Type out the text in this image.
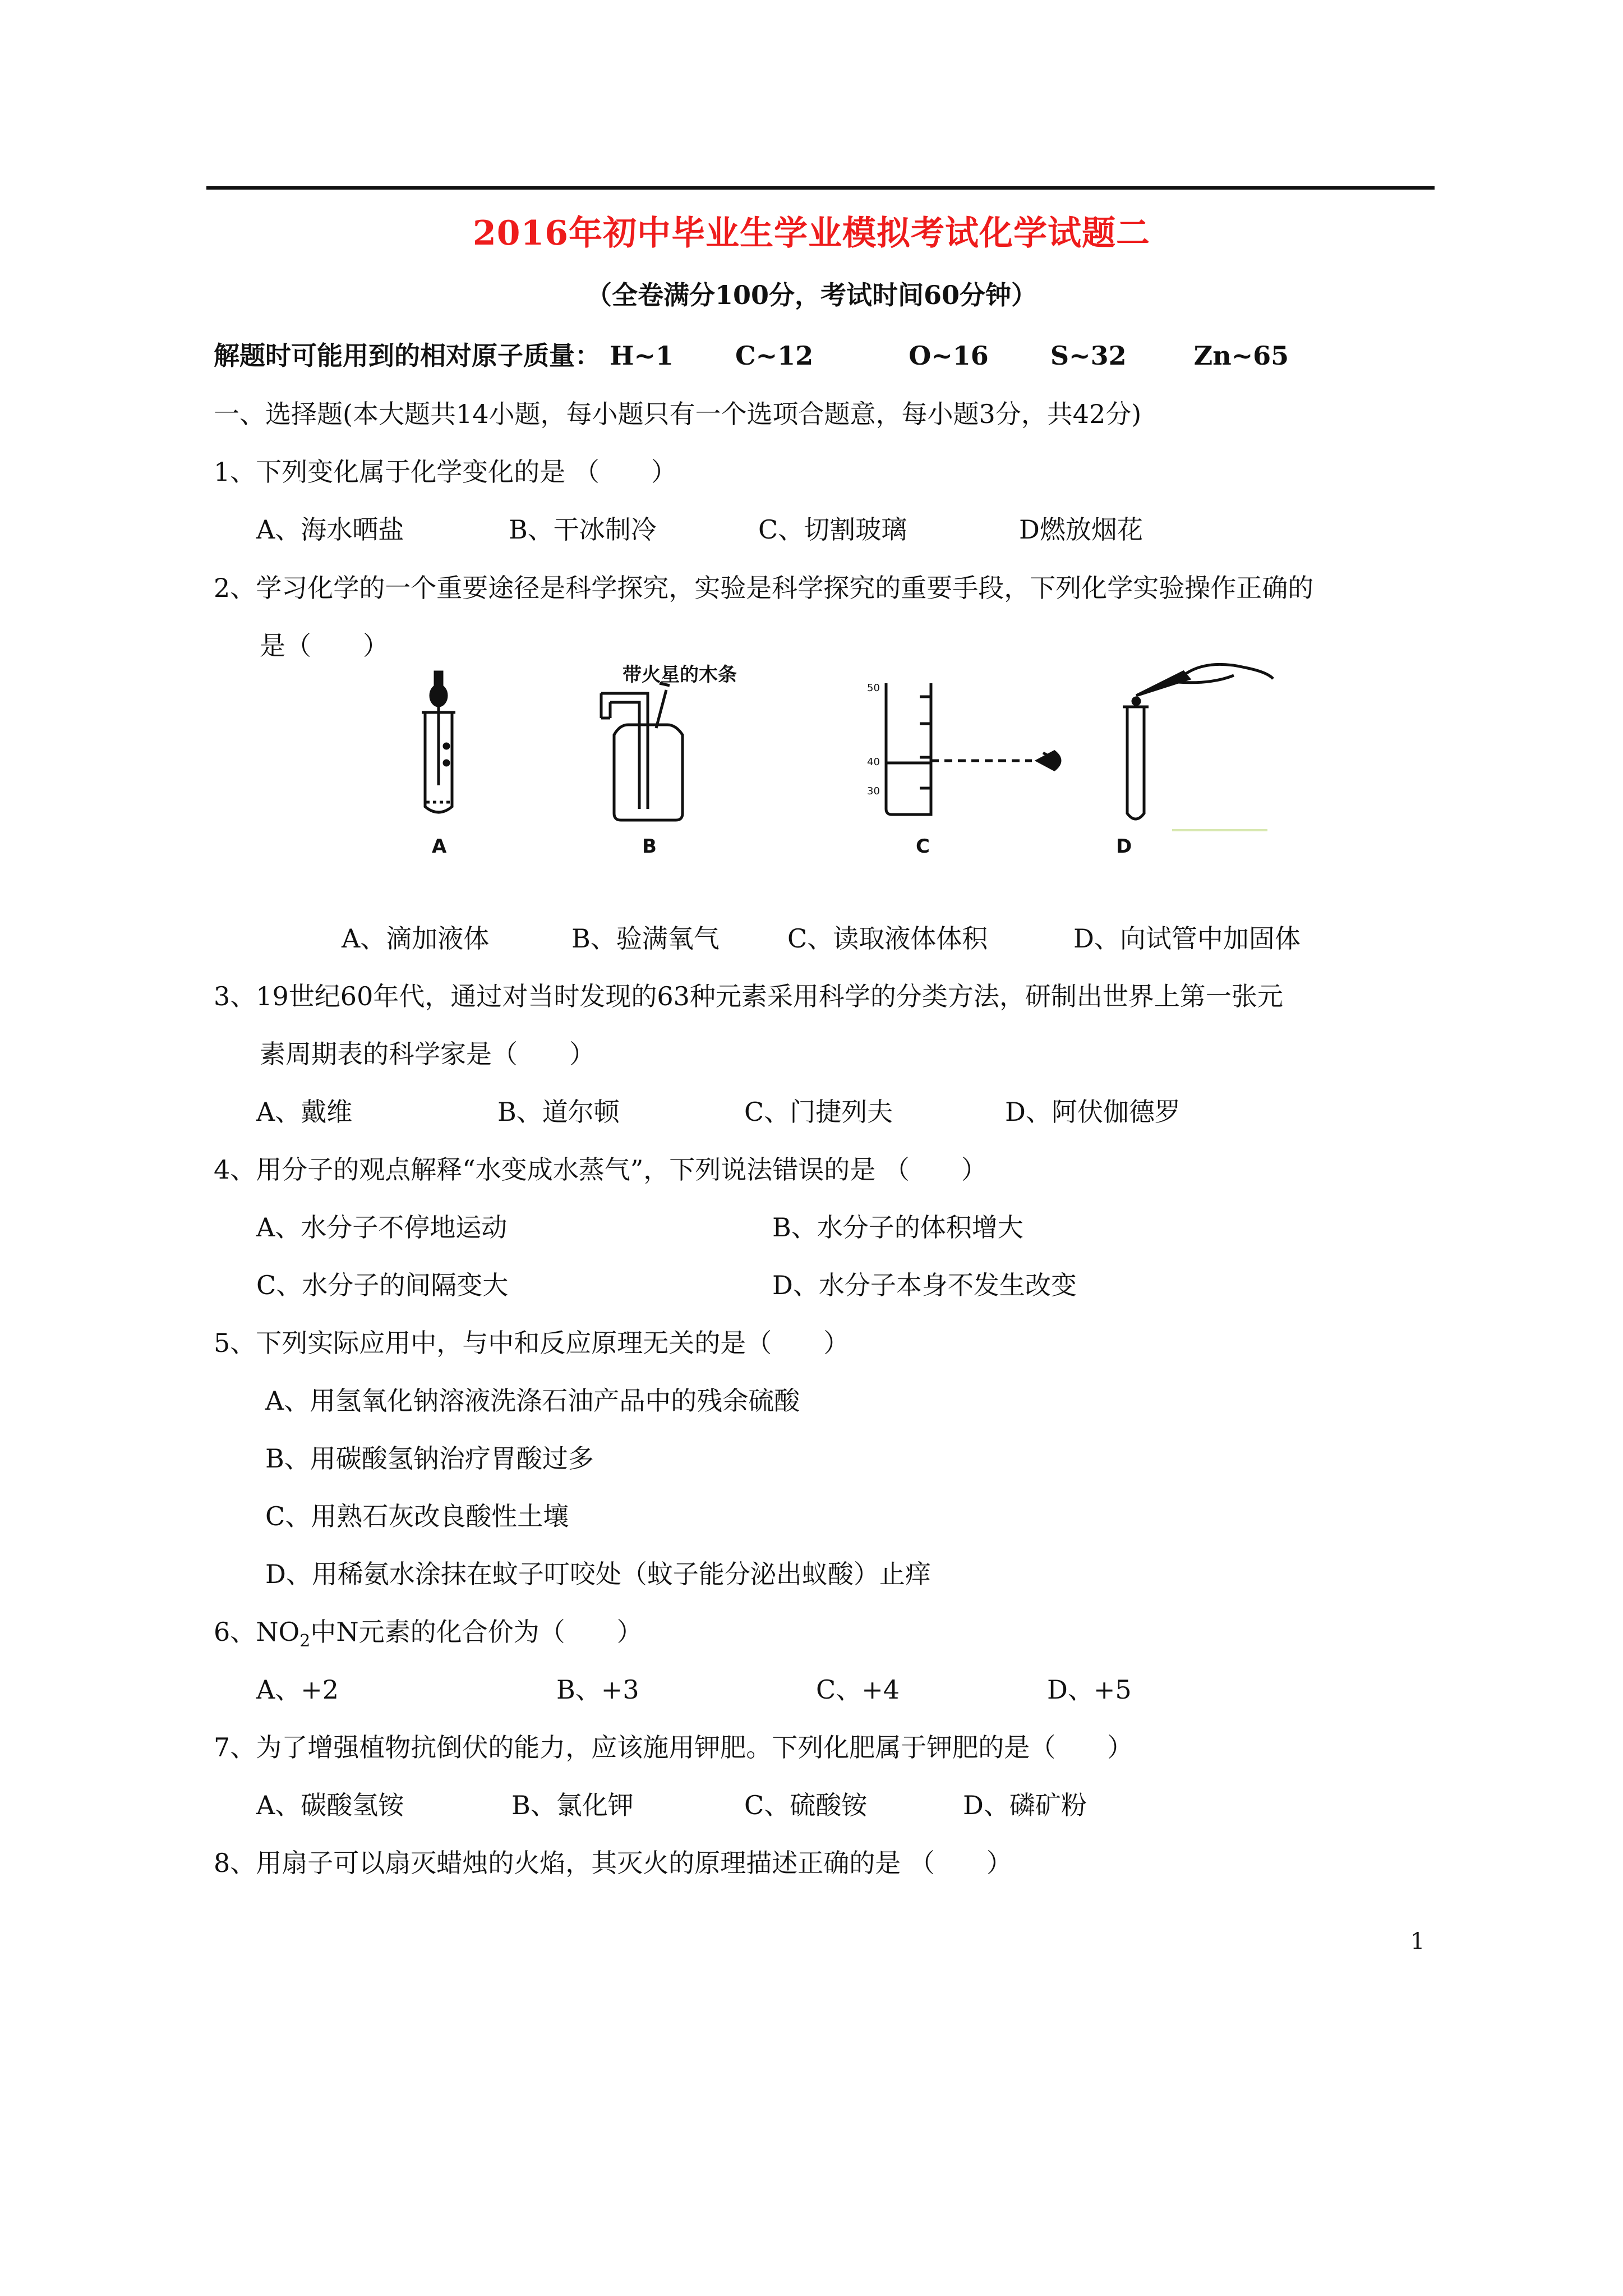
2016年初中毕业生学业模拟考试化学试题二
（全卷满分100分，考试时间60分钟）
解题时可能用到的相对原子质量： H~1 C~12	O~16 S~32	Zn~65
一、选择题(本大题共14小题，每小题只有一个选项合题意，每小题3分，共42分)
1、下列变化属于化学变化的是 （　　）
A、海水晒盐	B、干冰制冷	C、切割玻璃	D燃放烟花
2、学习化学的一个重要途径是科学探究，实验是科学探究的重要手段，下列化学实验操作正确的
是（　　）
带火星的木条
50
40
30
A	B	C	D
A、滴加液体	B、验满氧气	C、读取液体体积	D、向试管中加固体
3、19世纪60年代，通过对当时发现的63种元素采用科学的分类方法，研制出世界上第一张元
素周期表的科学家是（　　）
A、戴维	B、道尔顿	C、门捷列夫	D、阿伏伽德罗
4、用分子的观点解释“水变成水蒸气”，下列说法错误的是 （　　）
A、水分子不停地运动	B、水分子的体积增大
C、水分子的间隔变大	D、水分子本身不发生改变
5、下列实际应用中，与中和反应原理无关的是（　　）
A、用氢氧化钠溶液洗涤石油产品中的残余硫酸
B、用碳酸氢钠治疗胃酸过多
C、用熟石灰改良酸性土壤
D、用稀氨水涂抹在蚊子叮咬处（蚊子能分泌出蚁酸）止痒
6、$NO_2$中N元素的化合价为（　　）
A、+2	B、+3	C、+4	D、+5
7、为了增强植物抗倒伏的能力，应该施用钾肥。下列化肥属于钾肥的是（　　）
A、碳酸氢铵	B、氯化钾	C、硫酸铵	D、磷矿粉
8、用扇子可以扇灭蜡烛的火焰，其灭火的原理描述正确的是 （　　）
1
